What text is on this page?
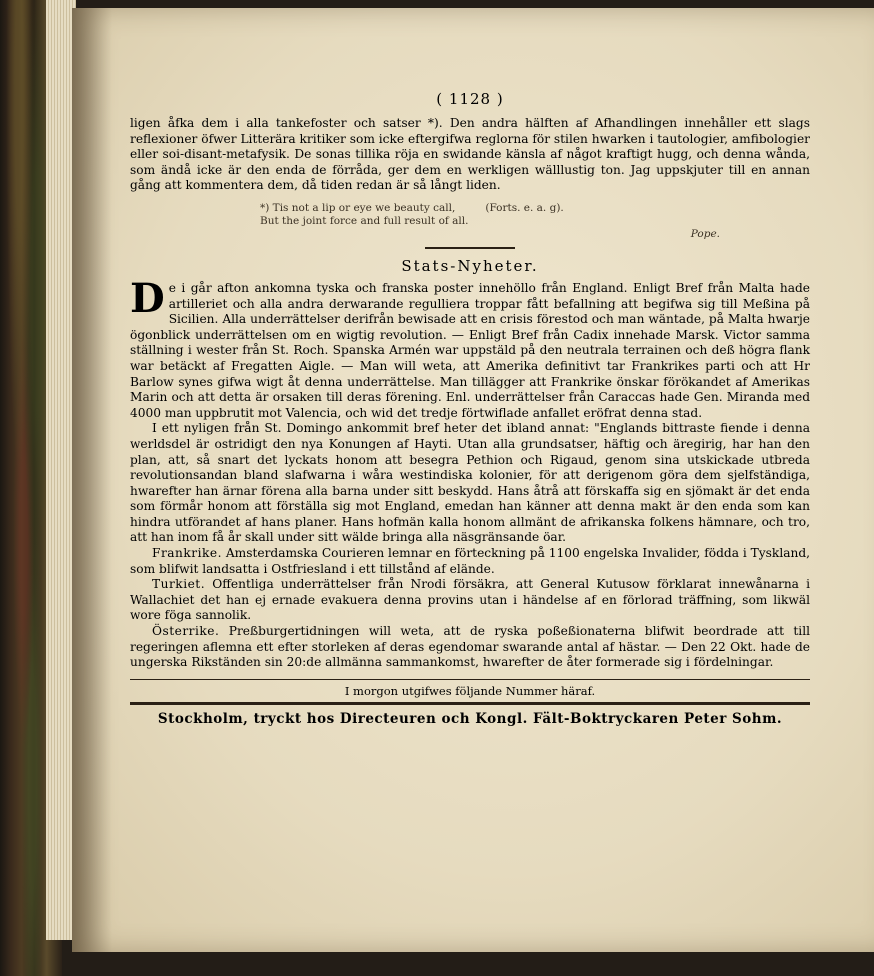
( 1128 )

ligen åfka dem i alla tankefoster och satser *). Den andra hälften af Afhandlingen innehåller ett slags reflexioner öfwer Litterära kritiker som icke eftergifwa reglorna för stilen hwarken i tautologier, amfibologier eller soi-disant-metafysik. De sonas tillika röja en swidande känsla af något kraftigt hugg, och denna wånda, som ändå icke är den enda de förråda, ger dem en werkligen wälllustig ton. Jag uppskjuter till en annan gång att kommentera dem, då tiden redan är så långt liden.

*) Tis not a lip or eye we beauty call,	(Forts. e. a. g).
But the joint force and full result of all.
Pope.
Stats-Nyheter.
D e i går afton ankomna tyska och franska poster innehöllo från England. Enligt Bref från Malta hade artilleriet och alla andra derwarande regulliera troppar fått befallning att begifwa sig till Meßina på Sicilien. Alla underrättelser derifrån bewisade att en crisis förestod och man wäntade, på Malta hwarje ögonblick underrättelsen om en wigtig revolution. — Enligt Bref från Cadix innehade Marsk. Victor samma ställning i wester från St. Roch. Spanska Armén war uppstäld på den neutrala terrainen och deß högra flank war betäckt af Fregatten Aigle. — Man will weta, att Amerika definitivt tar Frankrikes parti och att Hr Barlow synes gifwa wigt åt denna underrättelse. Man tillägger att Frankrike önskar förökandet af Amerikas Marin och att detta är orsaken till deras förening. Enl. underrättelser från Caraccas hade Gen. Miranda med 4000 man uppbrutit mot Valencia, och wid det tredje förtwiflade anfallet eröfrat denna stad.

I ett nyligen från St. Domingo ankommit bref heter det ibland annat: "Englands bittraste fiende i denna werldsdel är ostridigt den nya Konungen af Hayti. Utan alla grundsatser, häftig och äregirig, har han den plan, att, så snart det lyckats honom att besegra Pethion och Rigaud, genom sina utskickade utbreda revolutionsandan bland slafwarna i wåra westindiska kolonier, för att derigenom göra dem sjelfständiga, hwarefter han ärnar förena alla barna under sitt beskydd. Hans åtrå att förskaffa sig en sjömakt är det enda som förmår honom att förställa sig mot England, emedan han känner att denna makt är den enda som kan hindra utförandet af hans planer. Hans hofmän kalla honom allmänt de afrikanska folkens hämnare, och tro, att han inom få år skall under sitt wälde bringa alla näsgränsande öar.

Frankrike. Amsterdamska Courieren lemnar en förteckning på 1100 engelska Invalider, födda i Tyskland, som blifwit landsatta i Ostfriesland i ett tillstånd af elände.

Turkiet. Offentliga underrättelser från Nrodi försäkra, att General Kutusow förklarat innewånarna i Wallachiet det han ej ernade evakuera denna provins utan i händelse af en förlorad träffning, som likwäl wore föga sannolik.

Österrike. Preßburgertidningen will weta, att de ryska poßeßionaterna blifwit beordrade att till regeringen aflemna ett efter storleken af deras egendomar swarande antal af hästar. — Den 22 Okt. hade de ungerska Rikständen sin 20:de allmänna sammankomst, hwarefter de åter formerade sig i fördelningar.

I morgon utgifwes följande Nummer häraf.
Stockholm, tryckt hos Directeuren och Kongl. Fält-Boktryckaren Peter Sohm.
